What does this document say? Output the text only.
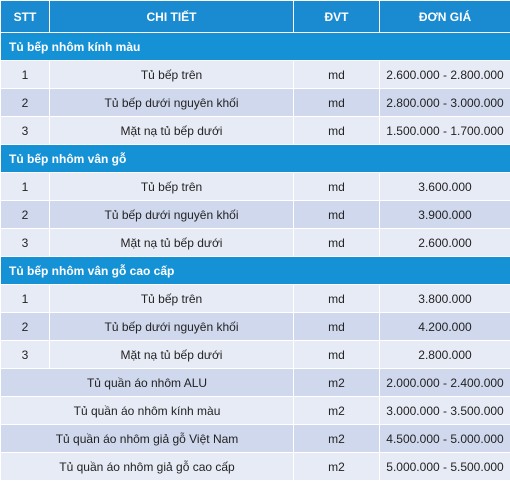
STT	CHI TIẾT	ĐVT	ĐƠN GIÁ
Tủ bếp nhôm kính màu			
1	Tủ bếp trên	md	2.600.000 - 2.800.000
2	Tủ bếp dưới nguyên khối	md	2.800.000 - 3.000.000
3	Mặt nạ tủ bếp dưới	md	1.500.000 - 1.700.000
Tủ bếp nhôm vân gỗ			
1	Tủ bếp trên	md	3.600.000
2	Tủ bếp dưới nguyên khối	md	3.900.000
3	Mặt nạ tủ bếp dưới	md	2.600.000
Tủ bếp nhôm vân gỗ cao cấp			
1	Tủ bếp trên	md	3.800.000
2	Tủ bếp dưới nguyên khối	md	4.200.000
3	Mặt nạ tủ bếp dưới	md	2.800.000
Tủ quần áo nhôm ALU		m2	2.000.000 - 2.400.000
Tủ quần áo nhôm kính màu		m2	3.000.000 - 3.500.000
Tủ quần áo nhôm giả gỗ Việt Nam		m2	4.500.000 - 5.000.000
Tủ quần áo nhôm giả gỗ cao cấp		m2	5.000.000 - 5.500.000
